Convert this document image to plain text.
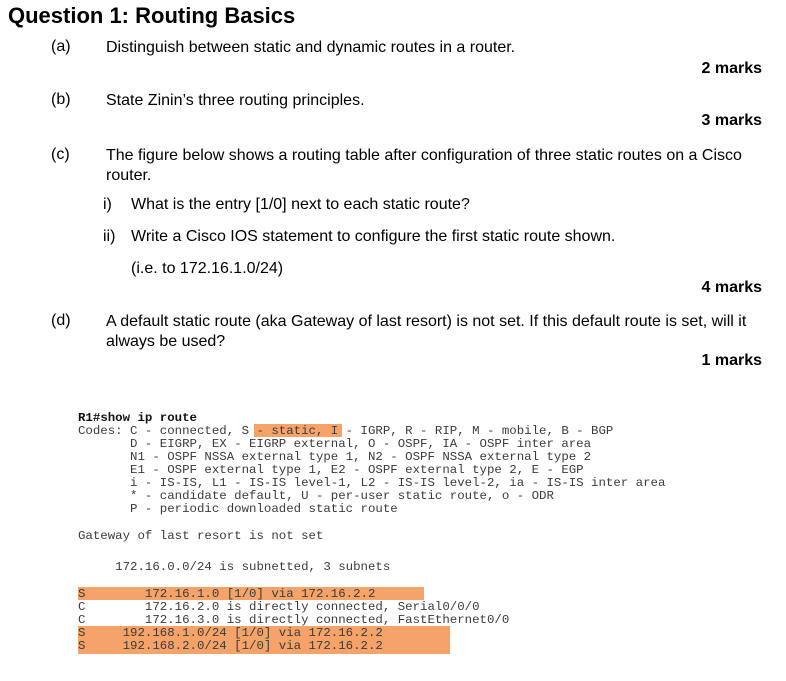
Question 1: Routing Basics
(a) Distinguish between static and dynamic routes in a router.
2 marks
(b) State Zinin’s three routing principles.
3 marks
(c) The figure below shows a routing table after configuration of three static routes on a Cisco router.
i) What is the entry [1/0] next to each static route?
ii) Write a Cisco IOS statement to configure the first static route shown.
(i.e. to 172.16.1.0/24)
4 marks
(d) A default static route (aka Gateway of last resort) is not set. If this default route is set, will it always be used?
1 marks
R1#show ip route
Codes: C - connected, S - static, I - IGRP, R - RIP, M - mobile, B - BGP
D - EIGRP, EX - EIGRP external, O - OSPF, IA - OSPF inter area
N1 - OSPF NSSA external type 1, N2 - OSPF NSSA external type 2
E1 - OSPF external type 1, E2 - OSPF external type 2, E - EGP
i - IS-IS, L1 - IS-IS level-1, L2 - IS-IS level-2, ia - IS-IS inter area
* - candidate default, U - per-user static route, o - ODR
P - periodic downloaded static route
Gateway of last resort is not set
172.16.0.0/24 is subnetted, 3 subnets
S        172.16.1.0 [1/0] via 172.16.2.2
C        172.16.2.0 is directly connected, Serial0/0/0
C        172.16.3.0 is directly connected, FastEthernet0/0
S     192.168.1.0/24 [1/0] via 172.16.2.2
S     192.168.2.0/24 [1/0] via 172.16.2.2
